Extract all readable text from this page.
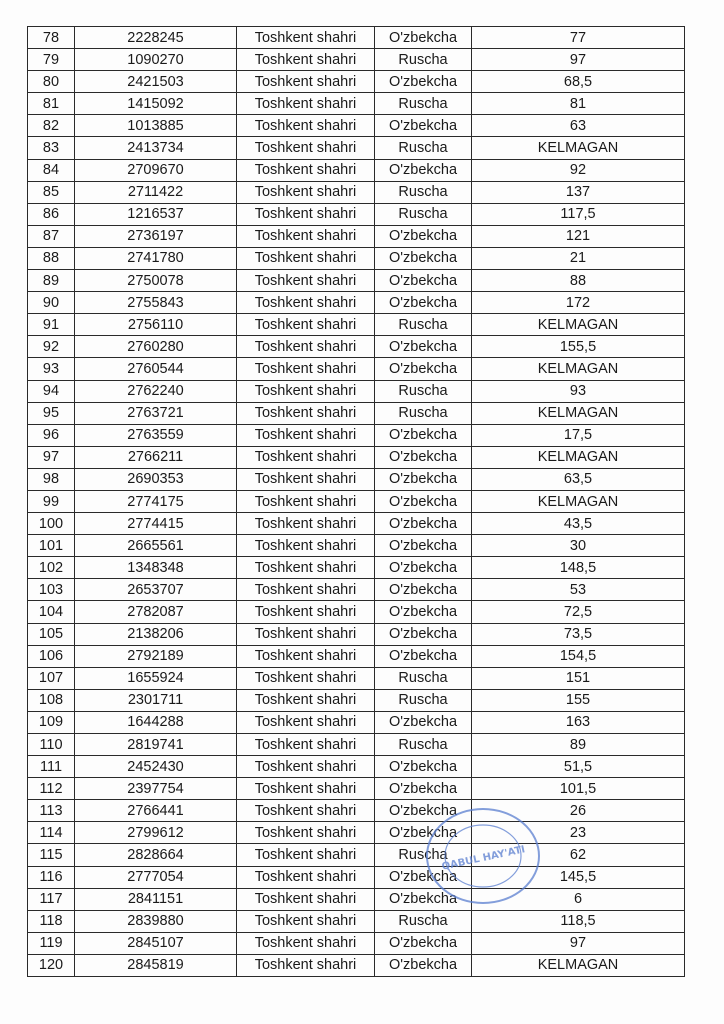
78	2228245	Toshkent shahri	O'zbekcha	77
79	1090270	Toshkent shahri	Ruscha	97
80	2421503	Toshkent shahri	O'zbekcha	68,5
81	1415092	Toshkent shahri	Ruscha	81
82	1013885	Toshkent shahri	O'zbekcha	63
83	2413734	Toshkent shahri	Ruscha	KELMAGAN
84	2709670	Toshkent shahri	O'zbekcha	92
85	2711422	Toshkent shahri	Ruscha	137
86	1216537	Toshkent shahri	Ruscha	117,5
87	2736197	Toshkent shahri	O'zbekcha	121
88	2741780	Toshkent shahri	O'zbekcha	21
89	2750078	Toshkent shahri	O'zbekcha	88
90	2755843	Toshkent shahri	O'zbekcha	172
91	2756110	Toshkent shahri	Ruscha	KELMAGAN
92	2760280	Toshkent shahri	O'zbekcha	155,5
93	2760544	Toshkent shahri	O'zbekcha	KELMAGAN
94	2762240	Toshkent shahri	Ruscha	93
95	2763721	Toshkent shahri	Ruscha	KELMAGAN
96	2763559	Toshkent shahri	O'zbekcha	17,5
97	2766211	Toshkent shahri	O'zbekcha	KELMAGAN
98	2690353	Toshkent shahri	O'zbekcha	63,5
99	2774175	Toshkent shahri	O'zbekcha	KELMAGAN
100	2774415	Toshkent shahri	O'zbekcha	43,5
101	2665561	Toshkent shahri	O'zbekcha	30
102	1348348	Toshkent shahri	O'zbekcha	148,5
103	2653707	Toshkent shahri	O'zbekcha	53
104	2782087	Toshkent shahri	O'zbekcha	72,5
105	2138206	Toshkent shahri	O'zbekcha	73,5
106	2792189	Toshkent shahri	O'zbekcha	154,5
107	1655924	Toshkent shahri	Ruscha	151
108	2301711	Toshkent shahri	Ruscha	155
109	1644288	Toshkent shahri	O'zbekcha	163
110	2819741	Toshkent shahri	Ruscha	89
111	2452430	Toshkent shahri	O'zbekcha	51,5
112	2397754	Toshkent shahri	O'zbekcha	101,5
113	2766441	Toshkent shahri	O'zbekcha	26
114	2799612	Toshkent shahri	O'zbekcha	23
115	2828664	Toshkent shahri	Ruscha	62
116	2777054	Toshkent shahri	O'zbekcha	145,5
117	2841151	Toshkent shahri	O'zbekcha	6
118	2839880	Toshkent shahri	Ruscha	118,5
119	2845107	Toshkent shahri	O'zbekcha	97
120	2845819	Toshkent shahri	O'zbekcha	KELMAGAN
QABUL HAY'ATI
